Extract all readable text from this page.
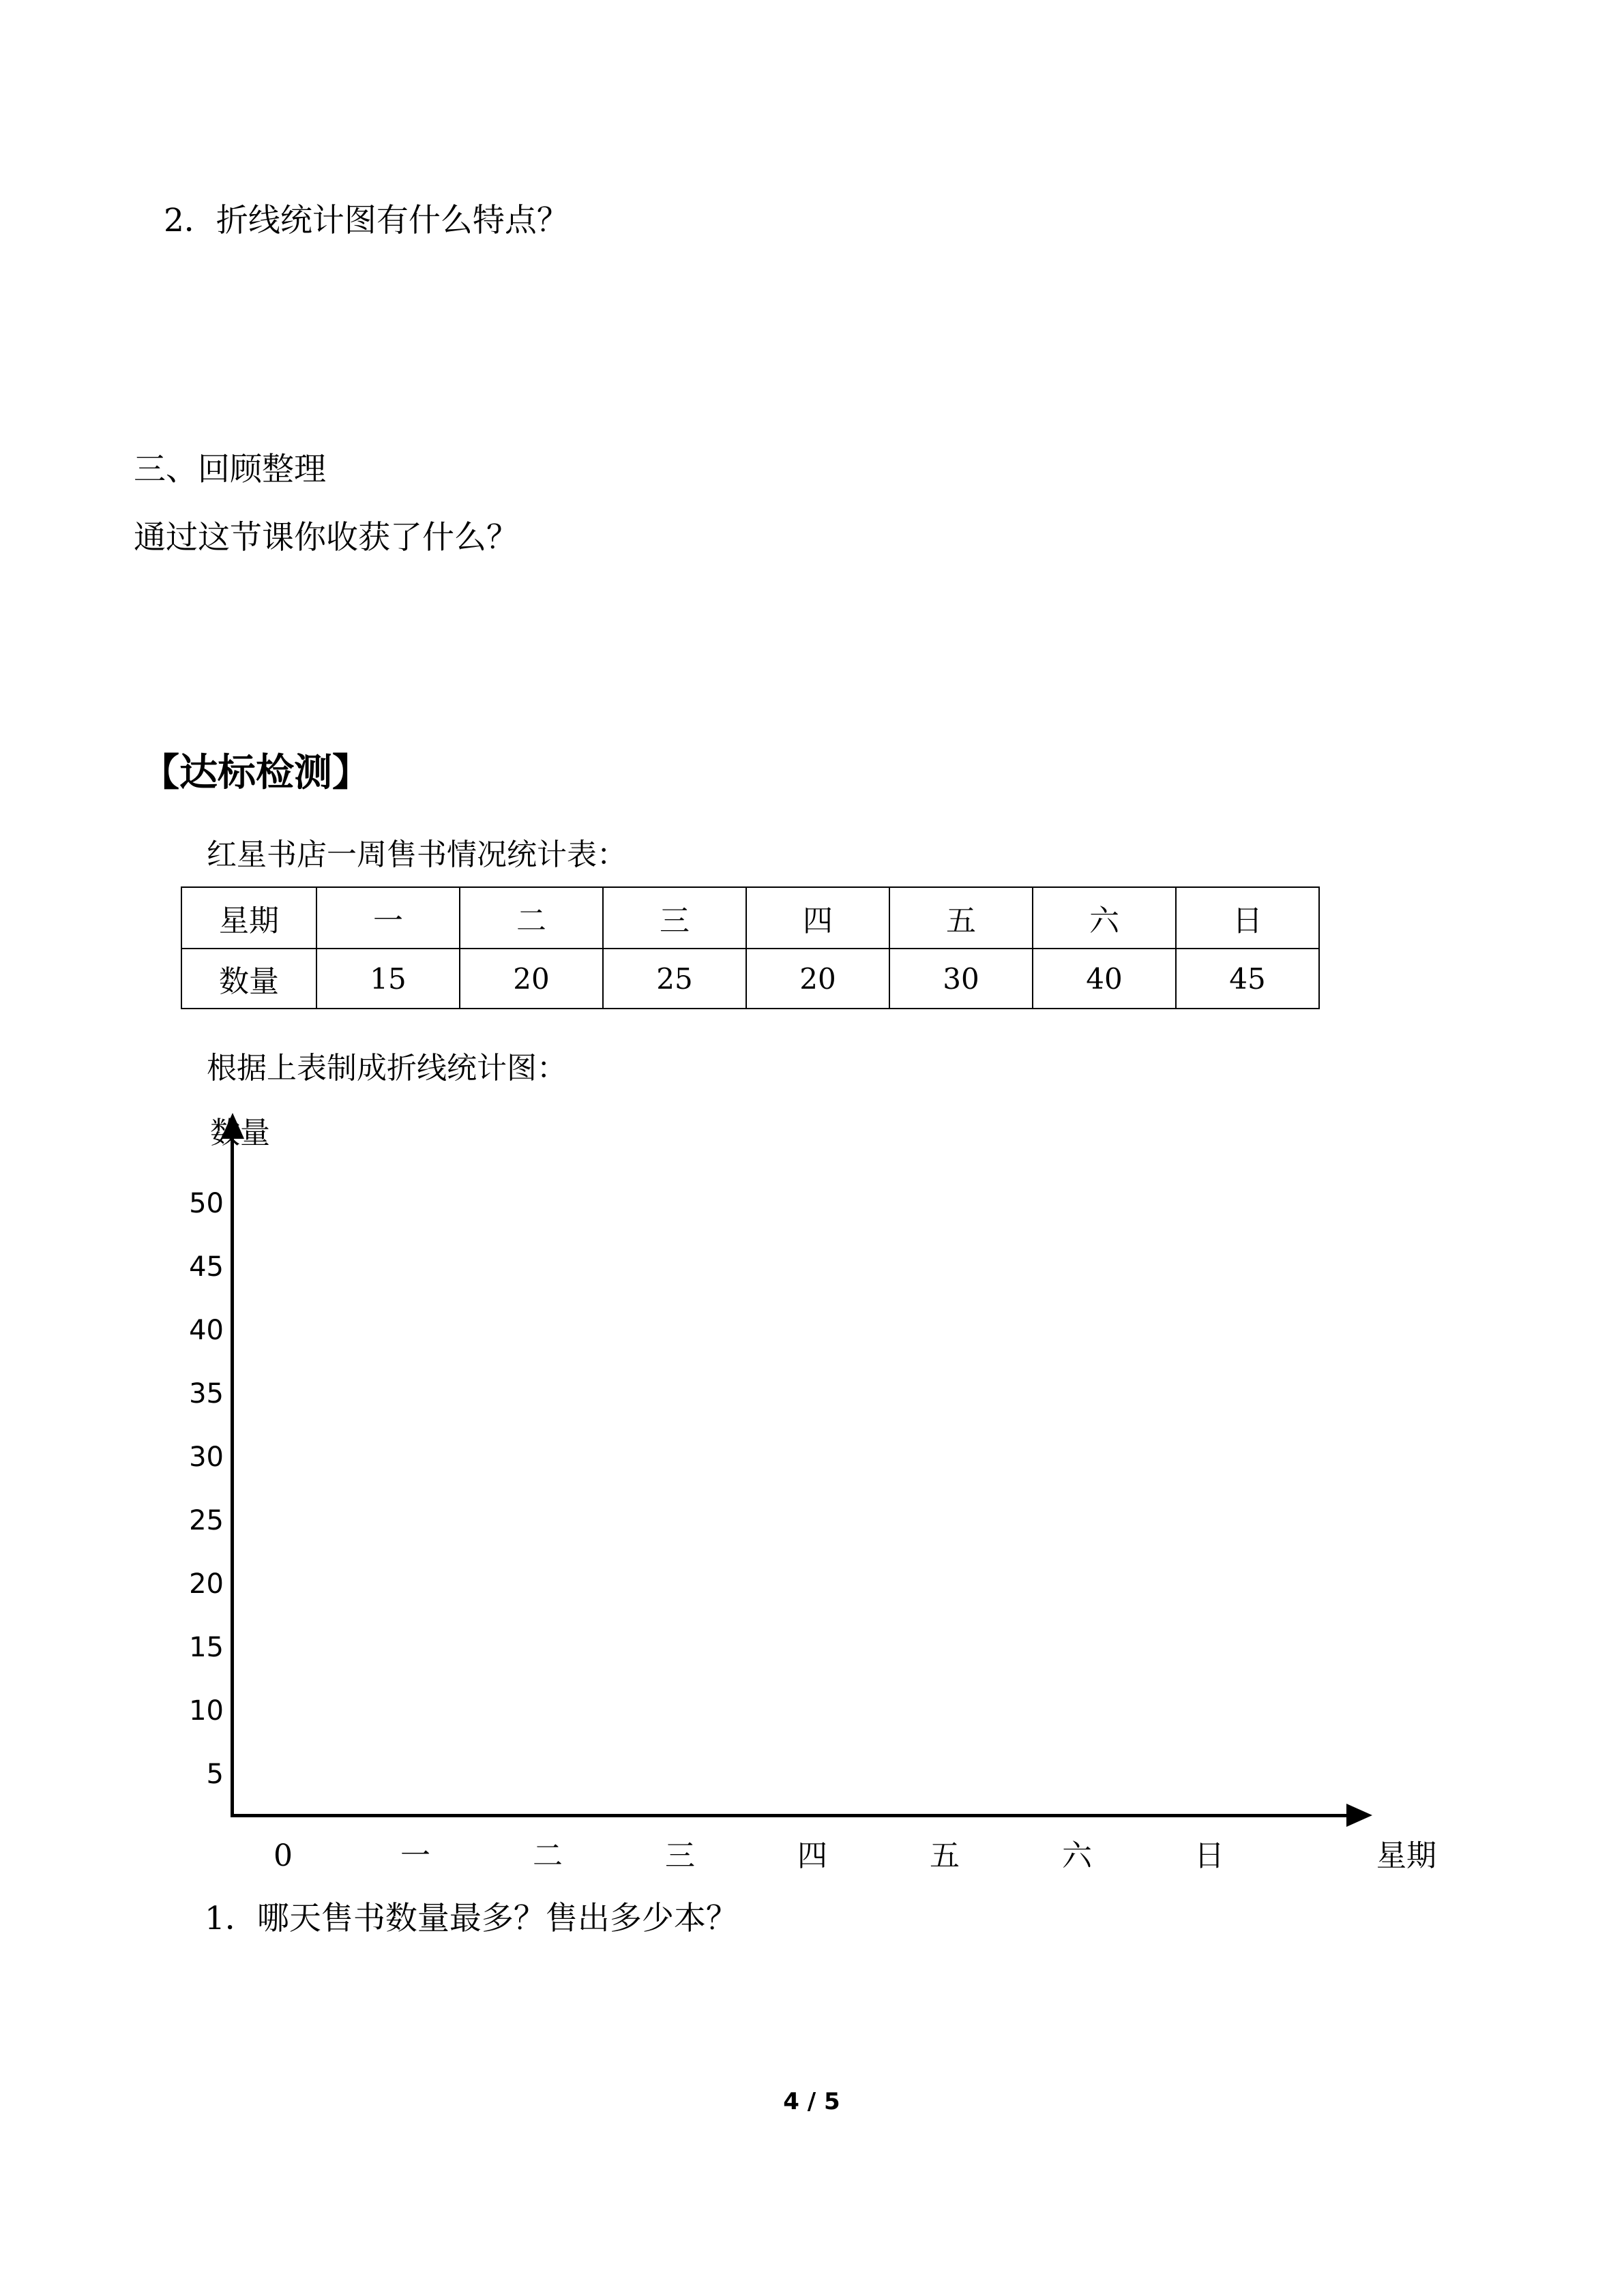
2．折线统计图有什么特点？
三、回顾整理
通过这节课你收获了什么？
【达标检测】
红星书店一周售书情况统计表：
星期	一	二	三	四	五	六	日
数量	15	20	25	20	30	40	45
根据上表制成折线统计图：
数量
50
45
40
35
30
25
20
15
10
5
0	一	二	三	四	五	六	日	星期
1．哪天售书数量最多？售出多少本？
4 / 5
